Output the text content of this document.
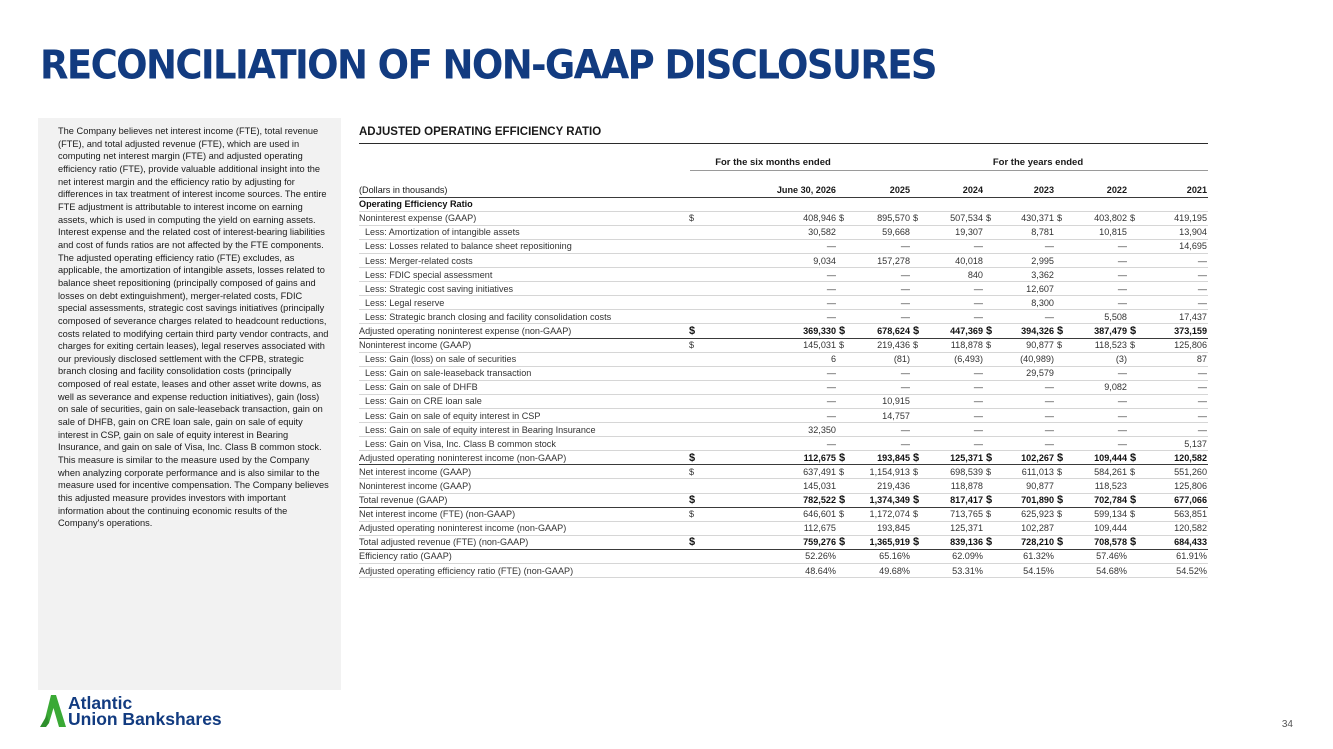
RECONCILIATION OF NON-GAAP DISCLOSURES

The Company believes net interest income (FTE), total revenue (FTE), and total adjusted revenue (FTE), which are used in computing net interest margin (FTE) and adjusted operating efficiency ratio (FTE), provide valuable additional insight into the net interest margin and the efficiency ratio by adjusting for differences in tax treatment of interest income sources. The entire FTE adjustment is attributable to interest income on earning assets, which is used in computing the yield on earning assets. Interest expense and the related cost of interest-bearing liabilities and cost of funds ratios are not affected by the FTE components. The adjusted operating efficiency ratio (FTE) excludes, as applicable, the amortization of intangible assets, losses related to balance sheet repositioning (principally composed of gains and losses on debt extinguishment), merger-related costs, FDIC special assessments, strategic cost savings initiatives (principally composed of severance charges related to headcount reductions, costs related to modifying certain third party vendor contracts, and charges for exiting certain leases), legal reserves associated with our previously disclosed settlement with the CFPB, strategic branch closing and facility consolidation costs (principally composed of real estate, leases and other asset write downs, as well as severance and expense reduction initiatives), gain (loss) on sale of securities, gain on sale-leaseback transaction, gain on sale of DHFB, gain on CRE loan sale, gain on sale of equity interest in CSP, gain on sale of equity interest in Bearing Insurance, and gain on sale of Visa, Inc. Class B common stock. This measure is similar to the measure used by the Company when analyzing corporate performance and is also similar to the measure used for incentive compensation. The Company believes this adjusted measure provides investors with important information about the continuing economic results of the Company's operations.

Atlantic
Union Bankshares	34
ADJUSTED OPERATING EFFICIENCY RATIO
For the six months ended	For the years ended
(Dollars in thousands)		June 30, 2026		2025		2024		2023		2022		2021
Operating Efficiency Ratio												
Noninterest expense (GAAP)	$	408,946	$	895,570	$	507,534	$	430,371	$	403,802	$	419,195
Less: Amortization of intangible assets		30,582		59,668		19,307		8,781		10,815		13,904
Less: Losses related to balance sheet repositioning		—		—		—		—		—		14,695
Less: Merger-related costs		9,034		157,278		40,018		2,995		—		—
Less: FDIC special assessment		—		—		840		3,362		—		—
Less: Strategic cost saving initiatives		—		—		—		12,607		—		—
Less: Legal reserve		—		—		—		8,300		—		—
Less: Strategic branch closing and facility consolidation costs		—		—		—		—		5,508		17,437
Adjusted operating noninterest expense (non-GAAP)	$	369,330	$	678,624	$	447,369	$	394,326	$	387,479	$	373,159
Noninterest income (GAAP)	$	145,031	$	219,436	$	118,878	$	90,877	$	118,523	$	125,806
Less: Gain (loss) on sale of securities		6		(81)		(6,493)		(40,989)		(3)		87
Less: Gain on sale-leaseback transaction		—		—		—		29,579		—		—
Less: Gain on sale of DHFB		—		—		—		—		9,082		—
Less: Gain on CRE loan sale		—		10,915		—		—		—		—
Less: Gain on sale of equity interest in CSP		—		14,757		—		—		—		—
Less: Gain on sale of equity interest in Bearing Insurance		32,350		—		—		—		—		—
Less: Gain on Visa, Inc. Class B common stock		—		—		—		—		—		5,137
Adjusted operating noninterest income (non-GAAP)	$	112,675	$	193,845	$	125,371	$	102,267	$	109,444	$	120,582
Net interest income (GAAP)	$	637,491	$	1,154,913	$	698,539	$	611,013	$	584,261	$	551,260
Noninterest income (GAAP)		145,031		219,436		118,878		90,877		118,523		125,806
Total revenue (GAAP)	$	782,522	$	1,374,349	$	817,417	$	701,890	$	702,784	$	677,066
Net interest income (FTE) (non-GAAP)	$	646,601	$	1,172,074	$	713,765	$	625,923	$	599,134	$	563,851
Adjusted operating noninterest income (non-GAAP)		112,675		193,845		125,371		102,287		109,444		120,582
Total adjusted revenue (FTE) (non-GAAP)	$	759,276	$	1,365,919	$	839,136	$	728,210	$	708,578	$	684,433
Efficiency ratio (GAAP)		52.26%		65.16%		62.09%		61.32%		57.46%		61.91%
Adjusted operating efficiency ratio (FTE) (non-GAAP)		48.64%		49.68%		53.31%		54.15%		54.68%		54.52%
